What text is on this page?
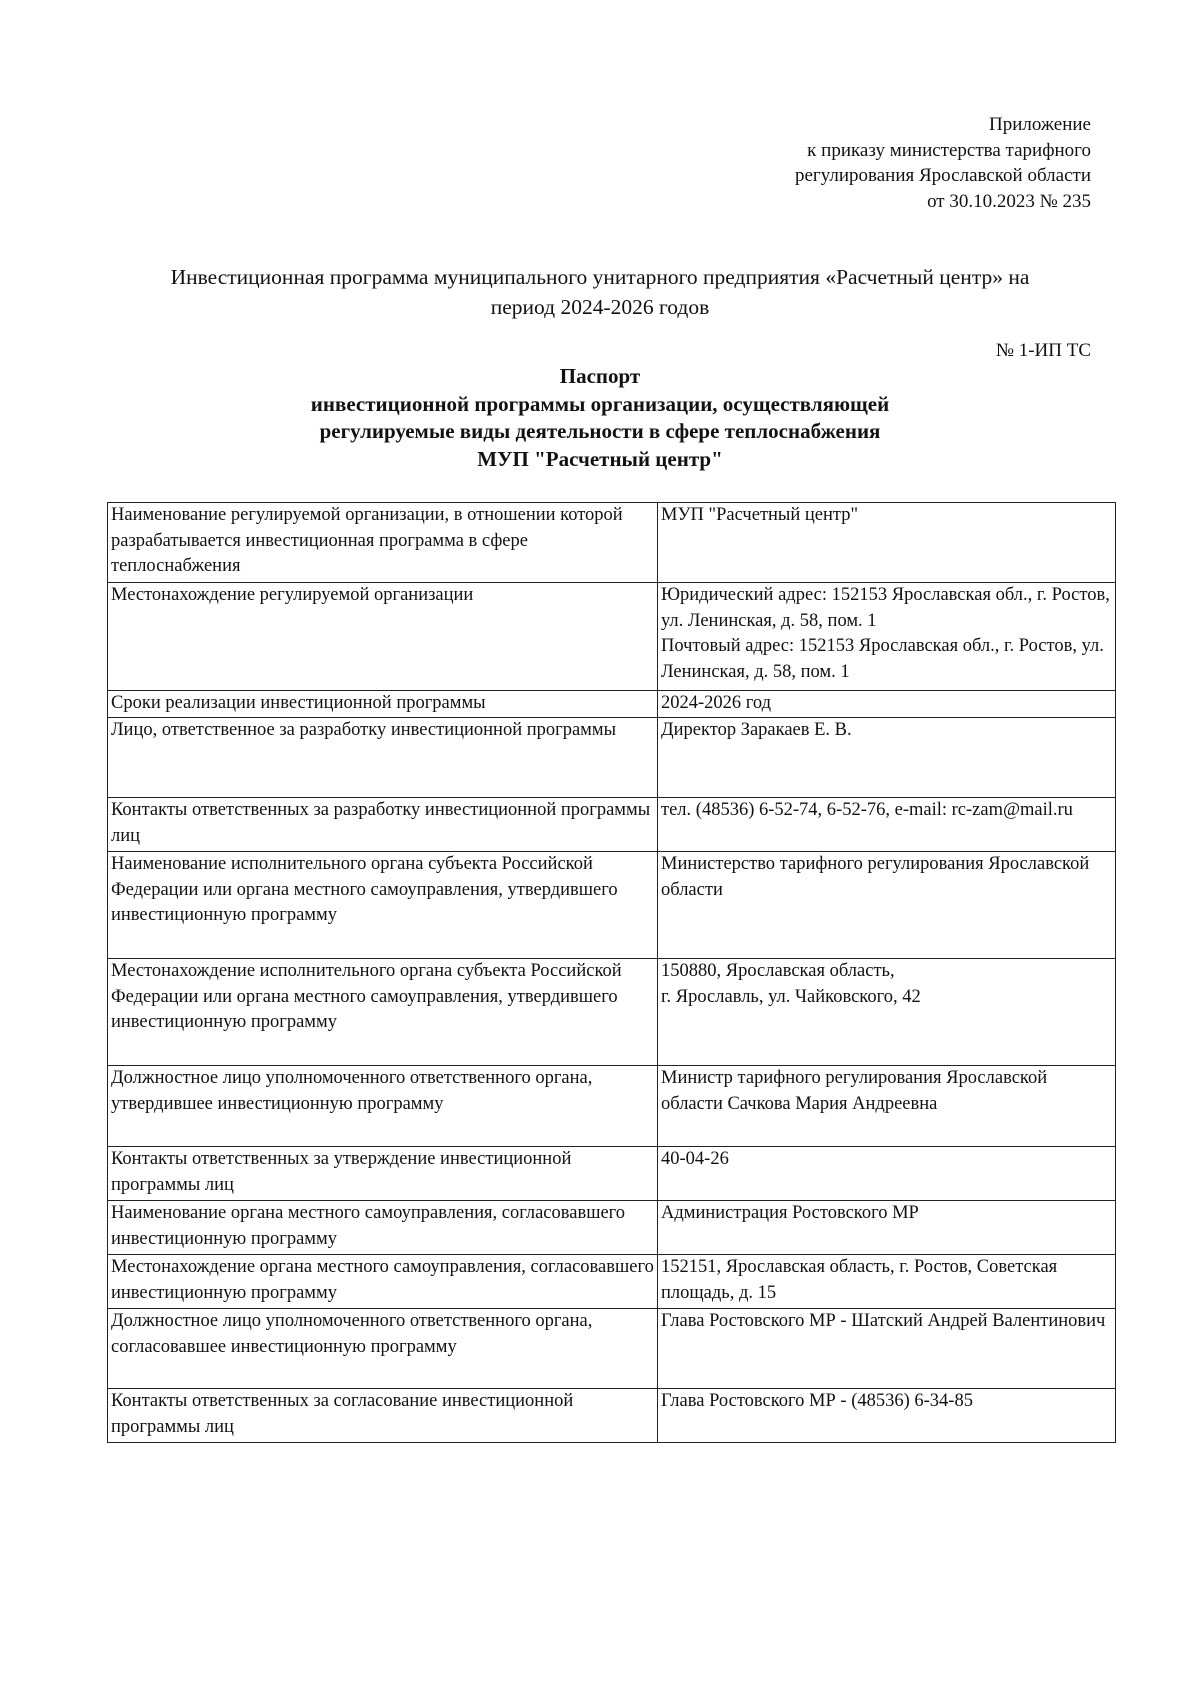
Приложение
к приказу министерства тарифного
регулирования Ярославской области
от 30.10.2023 № 235
Инвестиционная программа муниципального унитарного предприятия «Расчетный центр» на
период 2024-2026 годов
№ 1-ИП ТС
Паспорт
инвестиционной программы организации, осуществляющей
регулируемые виды деятельности в сфере теплоснабжения
МУП "Расчетный центр"
Наименование регулируемой организации, в отношении которой разрабатывается инвестиционная программа в сфере теплоснабжения	МУП "Расчетный центр"

Местонахождение регулируемой организации	Юридический адрес: 152153 Ярославская обл., г. Ростов, ул. Ленинская, д. 58, пом. 1
Почтовый адрес: 152153 Ярославская обл., г. Ростов, ул. Ленинская, д. 58, пом. 1

Сроки реализации инвестиционной программы	2024-2026 год

Лицо, ответственное за разработку инвестиционной программы	Директор Заракаев Е. В.

Контакты ответственных за разработку инвестиционной программы лиц	тел. (48536) 6-52-74, 6-52-76, e-mail: rc-zam@mail.ru

Наименование исполнительного органа субъекта Российской Федерации или органа местного самоуправления, утвердившего инвестиционную программу	Министерство тарифного регулирования Ярославской области

Местонахождение исполнительного органа субъекта Российской Федерации или органа местного самоуправления, утвердившего инвестиционную программу	150880, Ярославская область,
г. Ярославль, ул. Чайковского, 42

Должностное лицо уполномоченного ответственного органа, утвердившее инвестиционную программу	Министр тарифного регулирования Ярославской области Сачкова Мария Андреевна

Контакты ответственных за утверждение инвестиционной программы лиц	40-04-26

Наименование органа местного самоуправления, согласовавшего инвестиционную программу	Администрация Ростовского МР

Местонахождение органа местного самоуправления, согласовавшего инвестиционную программу	152151, Ярославская область, г. Ростов, Советская площадь, д. 15

Должностное лицо уполномоченного ответственного органа, согласовавшее инвестиционную программу	Глава Ростовского МР - Шатский Андрей Валентинович

Контакты ответственных за согласование инвестиционной программы лиц	Глава Ростовского МР - (48536) 6-34-85
